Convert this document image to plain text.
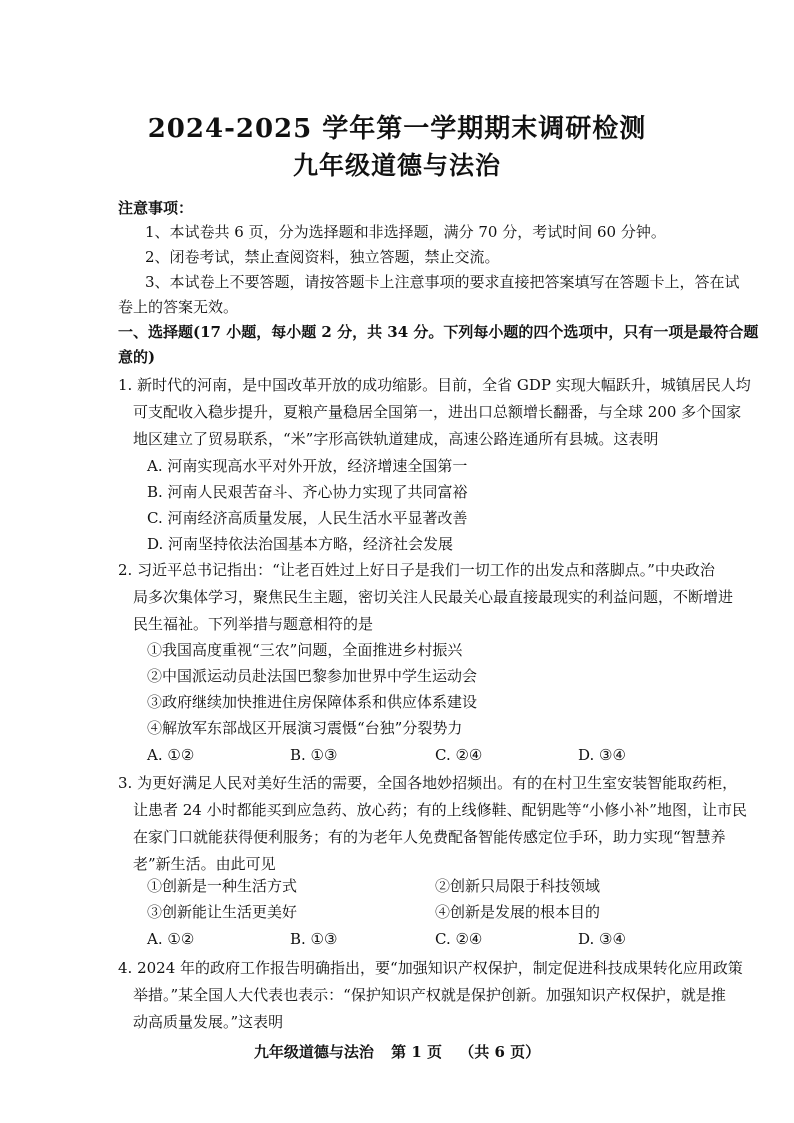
2024-2025 学年第一学期期末调研检测
九年级道德与法治
注意事项：
1、本试卷共 6 页，分为选择题和非选择题，满分 70 分，考试时间 60 分钟。
2、闭卷考试，禁止查阅资料，独立答题，禁止交流。
3、本试卷上不要答题，请按答题卡上注意事项的要求直接把答案填写在答题卡上，答在试
卷上的答案无效。
一、选择题(17 小题，每小题 2 分，共 34 分。下列每小题的四个选项中，只有一项是最符合题
意的)
1. 新时代的河南，是中国改革开放的成功缩影。目前，全省 GDP 实现大幅跃升，城镇居民人均
可支配收入稳步提升，夏粮产量稳居全国第一，进出口总额增长翻番，与全球 200 多个国家
地区建立了贸易联系，“米”字形高铁轨道建成，高速公路连通所有县城。这表明
A. 河南实现高水平对外开放，经济增速全国第一
B. 河南人民艰苦奋斗、齐心协力实现了共同富裕
C. 河南经济高质量发展，人民生活水平显著改善
D. 河南坚持依法治国基本方略，经济社会发展
2. 习近平总书记指出：“让老百姓过上好日子是我们一切工作的出发点和落脚点。”中央政治
局多次集体学习，聚焦民生主题，密切关注人民最关心最直接最现实的利益问题，不断增进
民生福祉。下列举措与题意相符的是
①我国高度重视“三农”问题，全面推进乡村振兴
②中国派运动员赴法国巴黎参加世界中学生运动会
③政府继续加快推进住房保障体系和供应体系建设
④解放军东部战区开展演习震慑“台独”分裂势力
A. ①②	B. ①③	C. ②④	D. ③④
3. 为更好满足人民对美好生活的需要，全国各地妙招频出。有的在村卫生室安装智能取药柜，
让患者 24 小时都能买到应急药、放心药；有的上线修鞋、配钥匙等“小修小补”地图，让市民
在家门口就能获得便利服务；有的为老年人免费配备智能传感定位手环，助力实现“智慧养
老”新生活。由此可见
①创新是一种生活方式	②创新只局限于科技领域
③创新能让生活更美好	④创新是发展的根本目的
A. ①②	B. ①③	C. ②④	D. ③④
4. 2024 年的政府工作报告明确指出，要“加强知识产权保护，制定促进科技成果转化应用政策
举措。”某全国人大代表也表示：“保护知识产权就是保护创新。加强知识产权保护，就是推
动高质量发展。”这表明
九年级道德与法治 第 1 页 （共 6 页）
